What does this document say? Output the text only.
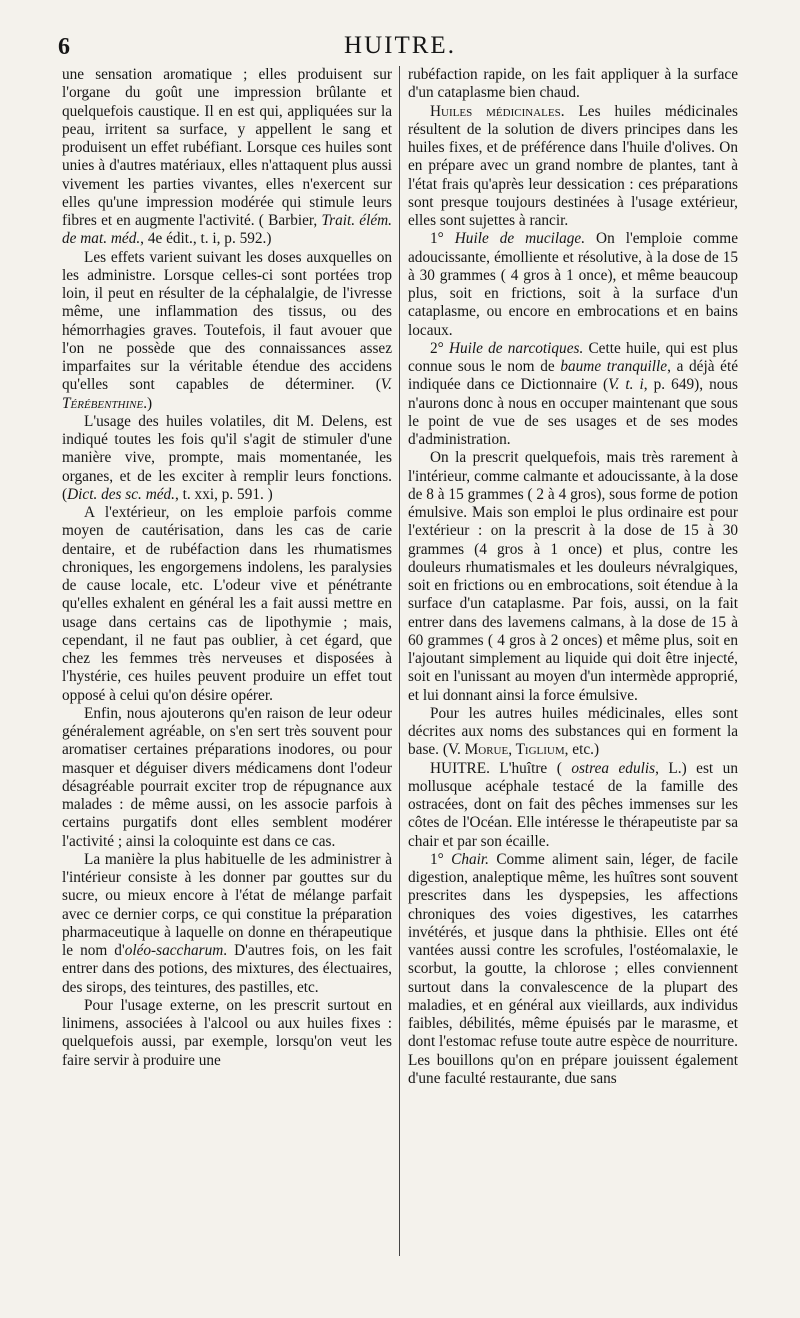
6	HUITRE.

une sensation aromatique ; elles produisent sur l'organe du goût une impression brûlante et quelquefois caustique. Il en est qui, appliquées sur la peau, irritent sa surface, y appellent le sang et produisent un effet rubéfiant. Lorsque ces huiles sont unies à d'autres matériaux, elles n'attaquent plus aussi vivement les parties vivantes, elles n'exercent sur elles qu'une impression modérée qui stimule leurs fibres et en augmente l'activité. ( Barbier, Trait. élém. de mat. méd., 4e édit., t. i, p. 592.)

Les effets varient suivant les doses auxquelles on les administre. Lorsque celles-ci sont portées trop loin, il peut en résulter de la céphalalgie, de l'ivresse même, une inflammation des tissus, ou des hémorrhagies graves. Toutefois, il faut avouer que l'on ne possède que des connaissances assez imparfaites sur la véritable étendue des accidens qu'elles sont capables de déterminer. (V. Térébenthine.)

L'usage des huiles volatiles, dit M. Delens, est indiqué toutes les fois qu'il s'agit de stimuler d'une manière vive, prompte, mais momentanée, les organes, et de les exciter à remplir leurs fonctions. (Dict. des sc. méd., t. xxi, p. 591. )

A l'extérieur, on les emploie parfois comme moyen de cautérisation, dans les cas de carie dentaire, et de rubéfaction dans les rhumatismes chroniques, les engorgemens indolens, les paralysies de cause locale, etc. L'odeur vive et pénétrante qu'elles exhalent en général les a fait aussi mettre en usage dans certains cas de lipothymie ; mais, cependant, il ne faut pas oublier, à cet égard, que chez les femmes très nerveuses et disposées à l'hystérie, ces huiles peuvent produire un effet tout opposé à celui qu'on désire opérer.

Enfin, nous ajouterons qu'en raison de leur odeur généralement agréable, on s'en sert très souvent pour aromatiser certaines préparations inodores, ou pour masquer et déguiser divers médicamens dont l'odeur désagréable pourrait exciter trop de répugnance aux malades : de même aussi, on les associe parfois à certains purgatifs dont elles semblent modérer l'activité ; ainsi la coloquinte est dans ce cas.

La manière la plus habituelle de les administrer à l'intérieur consiste à les donner par gouttes sur du sucre, ou mieux encore à l'état de mélange parfait avec ce dernier corps, ce qui constitue la préparation pharmaceutique à laquelle on donne en thérapeutique le nom d'oléo-saccharum. D'autres fois, on les fait entrer dans des potions, des mixtures, des électuaires, des sirops, des teintures, des pastilles, etc.

Pour l'usage externe, on les prescrit surtout en linimens, associées à l'alcool ou aux huiles fixes : quelquefois aussi, par exemple, lorsqu'on veut les faire servir à produire une

rubéfaction rapide, on les fait appliquer à la surface d'un cataplasme bien chaud.

Huiles médicinales. Les huiles médicinales résultent de la solution de divers principes dans les huiles fixes, et de préférence dans l'huile d'olives. On en prépare avec un grand nombre de plantes, tant à l'état frais qu'après leur dessication : ces préparations sont presque toujours destinées à l'usage extérieur, elles sont sujettes à rancir.

1° Huile de mucilage. On l'emploie comme adoucissante, émolliente et résolutive, à la dose de 15 à 30 grammes ( 4 gros à 1 once), et même beaucoup plus, soit en frictions, soit à la surface d'un cataplasme, ou encore en embrocations et en bains locaux.

2° Huile de narcotiques. Cette huile, qui est plus connue sous le nom de baume tranquille, a déjà été indiquée dans ce Dictionnaire (V. t. i, p. 649), nous n'aurons donc à nous en occuper maintenant que sous le point de vue de ses usages et de ses modes d'administration.

On la prescrit quelquefois, mais très rarement à l'intérieur, comme calmante et adoucissante, à la dose de 8 à 15 grammes ( 2 à 4 gros), sous forme de potion émulsive. Mais son emploi le plus ordinaire est pour l'extérieur : on la prescrit à la dose de 15 à 30 grammes (4 gros à 1 once) et plus, contre les douleurs rhumatismales et les douleurs névralgiques, soit en frictions ou en embrocations, soit étendue à la surface d'un cataplasme. Par fois, aussi, on la fait entrer dans des lavemens calmans, à la dose de 15 à 60 grammes ( 4 gros à 2 onces) et même plus, soit en l'ajoutant simplement au liquide qui doit être injecté, soit en l'unissant au moyen d'un intermède approprié, et lui donnant ainsi la force émulsive.

Pour les autres huiles médicinales, elles sont décrites aux noms des substances qui en forment la base. (V. Morue, Tiglium, etc.)

HUITRE. L'huître ( ostrea edulis, L.) est un mollusque acéphale testacé de la famille des ostracées, dont on fait des pêches immenses sur les côtes de l'Océan. Elle intéresse le thérapeutiste par sa chair et par son écaille.

1° Chair. Comme aliment sain, léger, de facile digestion, analeptique même, les huîtres sont souvent prescrites dans les dyspepsies, les affections chroniques des voies digestives, les catarrhes invétérés, et jusque dans la phthisie. Elles ont été vantées aussi contre les scrofules, l'ostéomalaxie, le scorbut, la goutte, la chlorose ; elles conviennent surtout dans la convalescence de la plupart des maladies, et en général aux vieillards, aux individus faibles, débilités, même épuisés par le marasme, et dont l'estomac refuse toute autre espèce de nourriture. Les bouillons qu'on en prépare jouissent également d'une faculté restaurante, due sans
